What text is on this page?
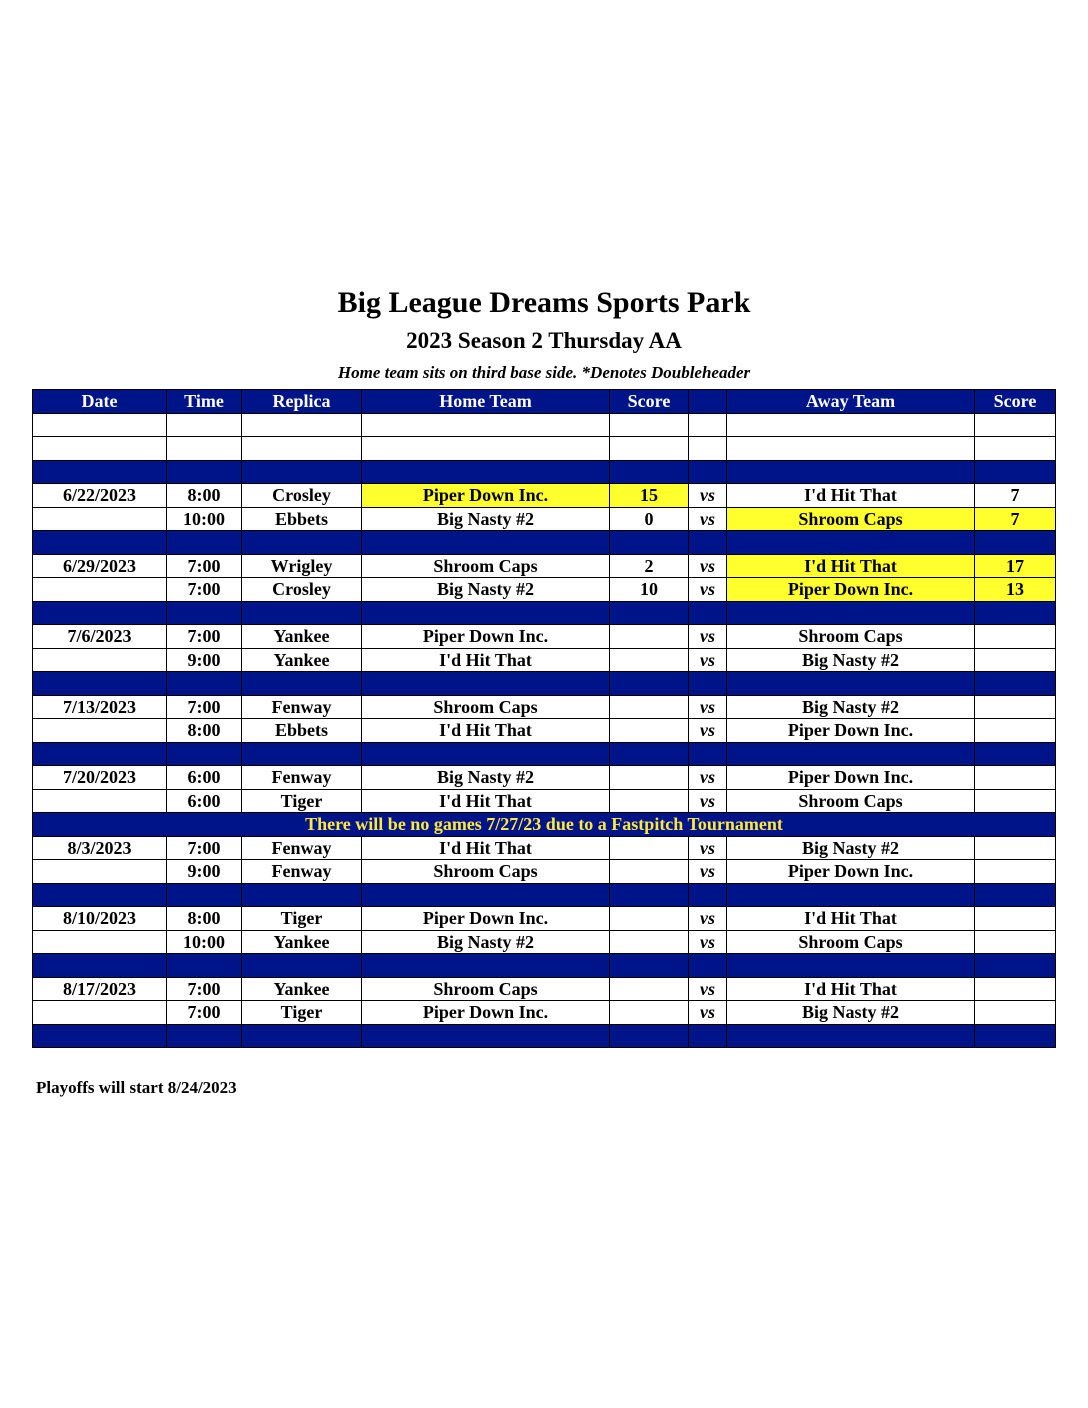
Big League Dreams Sports Park
2023 Season 2 Thursday AA
Home team sits on third base side. *Denotes Doubleheader
Date	Time	Replica	Home Team	Score		Away Team	Score

6/22/2023	8:00	Crosley	Piper Down Inc.	15	vs	I'd Hit That	7
	10:00	Ebbets	Big Nasty #2	0	vs	Shroom Caps	7

6/29/2023	7:00	Wrigley	Shroom Caps	2	vs	I'd Hit That	17
	7:00	Crosley	Big Nasty #2	10	vs	Piper Down Inc.	13

7/6/2023	7:00	Yankee	Piper Down Inc.		vs	Shroom Caps	
	9:00	Yankee	I'd Hit That		vs	Big Nasty #2	

7/13/2023	7:00	Fenway	Shroom Caps		vs	Big Nasty #2	
	8:00	Ebbets	I'd Hit That		vs	Piper Down Inc.	

7/20/2023	6:00	Fenway	Big Nasty #2		vs	Piper Down Inc.	
	6:00	Tiger	I'd Hit That		vs	Shroom Caps	
There will be no games 7/27/23 due to a Fastpitch Tournament							
8/3/2023	7:00	Fenway	I'd Hit That		vs	Big Nasty #2	
	9:00	Fenway	Shroom Caps		vs	Piper Down Inc.	

8/10/2023	8:00	Tiger	Piper Down Inc.		vs	I'd Hit That	
	10:00	Yankee	Big Nasty #2		vs	Shroom Caps	

8/17/2023	7:00	Yankee	Shroom Caps		vs	I'd Hit That	
	7:00	Tiger	Piper Down Inc.		vs	Big Nasty #2	

Playoffs will start 8/24/2023
